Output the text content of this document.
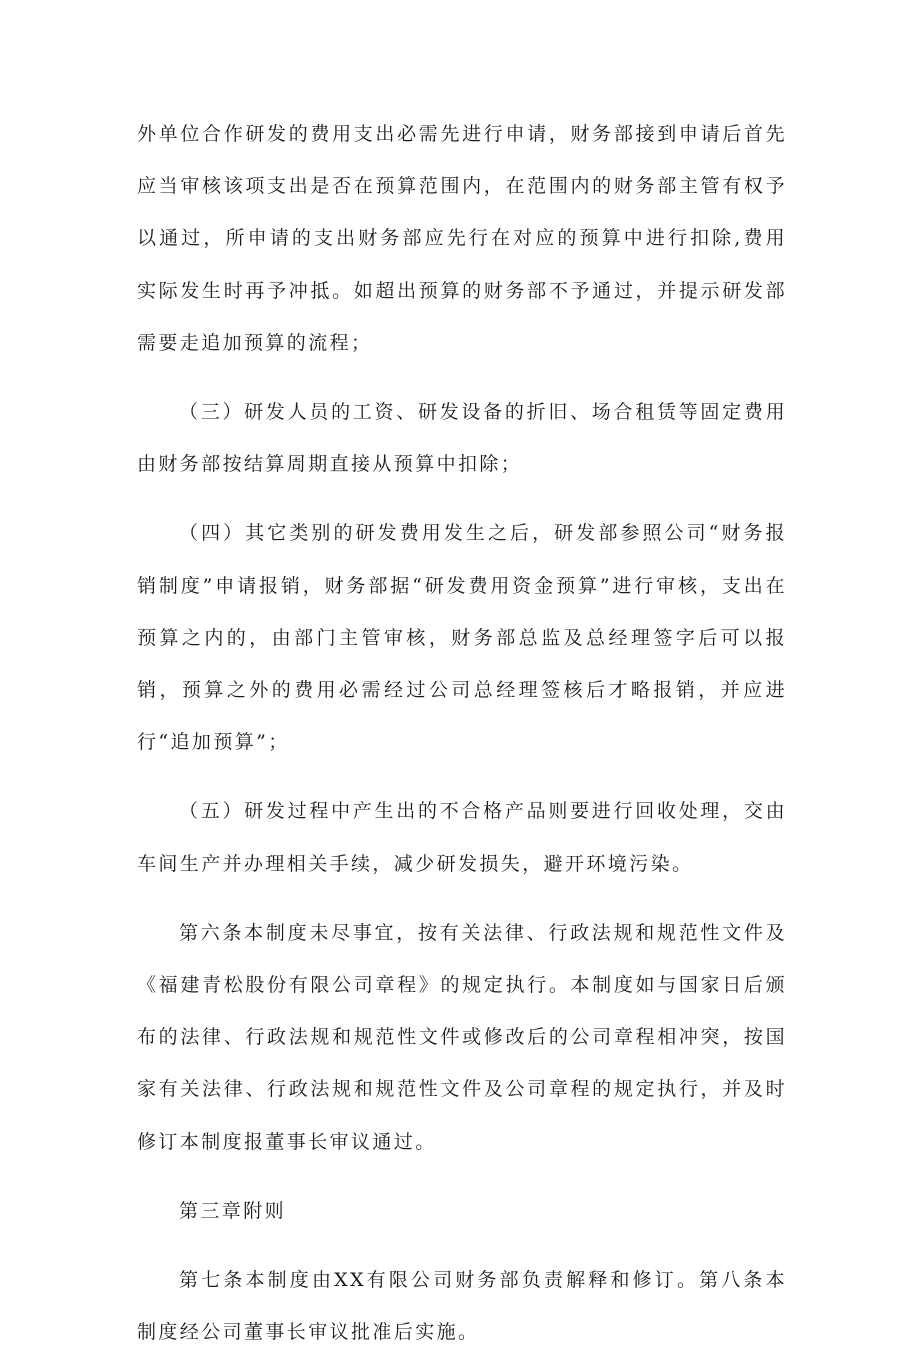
外单位合作研发的费用支出必需先进行申请，财务部接到申请后首先应当审核该项支出是否在预算范围内，在范围内的财务部主管有权予以通过，所申请的支出财务部应先行在对应的预算中进行扣除,费用实际发生时再予冲抵。如超出预算的财务部不予通过，并提示研发部需要走追加预算的流程；

（三）研发人员的工资、研发设备的折旧、场合租赁等固定费用由财务部按结算周期直接从预算中扣除；

（四）其它类别的研发费用发生之后，研发部参照公司“财务报销制度”申请报销，财务部据“研发费用资金预算”进行审核，支出在预算之内的，由部门主管审核，财务部总监及总经理签字后可以报销，预算之外的费用必需经过公司总经理签核后才略报销，并应进行“追加预算”；

（五）研发过程中产生出的不合格产品则要进行回收处理，交由车间生产并办理相关手续，减少研发损失，避开环境污染。

第六条本制度未尽事宜，按有关法律、行政法规和规范性文件及《福建青松股份有限公司章程》的规定执行。本制度如与国家日后颁布的法律、行政法规和规范性文件或修改后的公司章程相冲突，按国家有关法律、行政法规和规范性文件及公司章程的规定执行，并及时修订本制度报董事长审议通过。

第三章附则

第七条本制度由XX有限公司财务部负责解释和修订。第八条本制度经公司董事长审议批准后实施。
